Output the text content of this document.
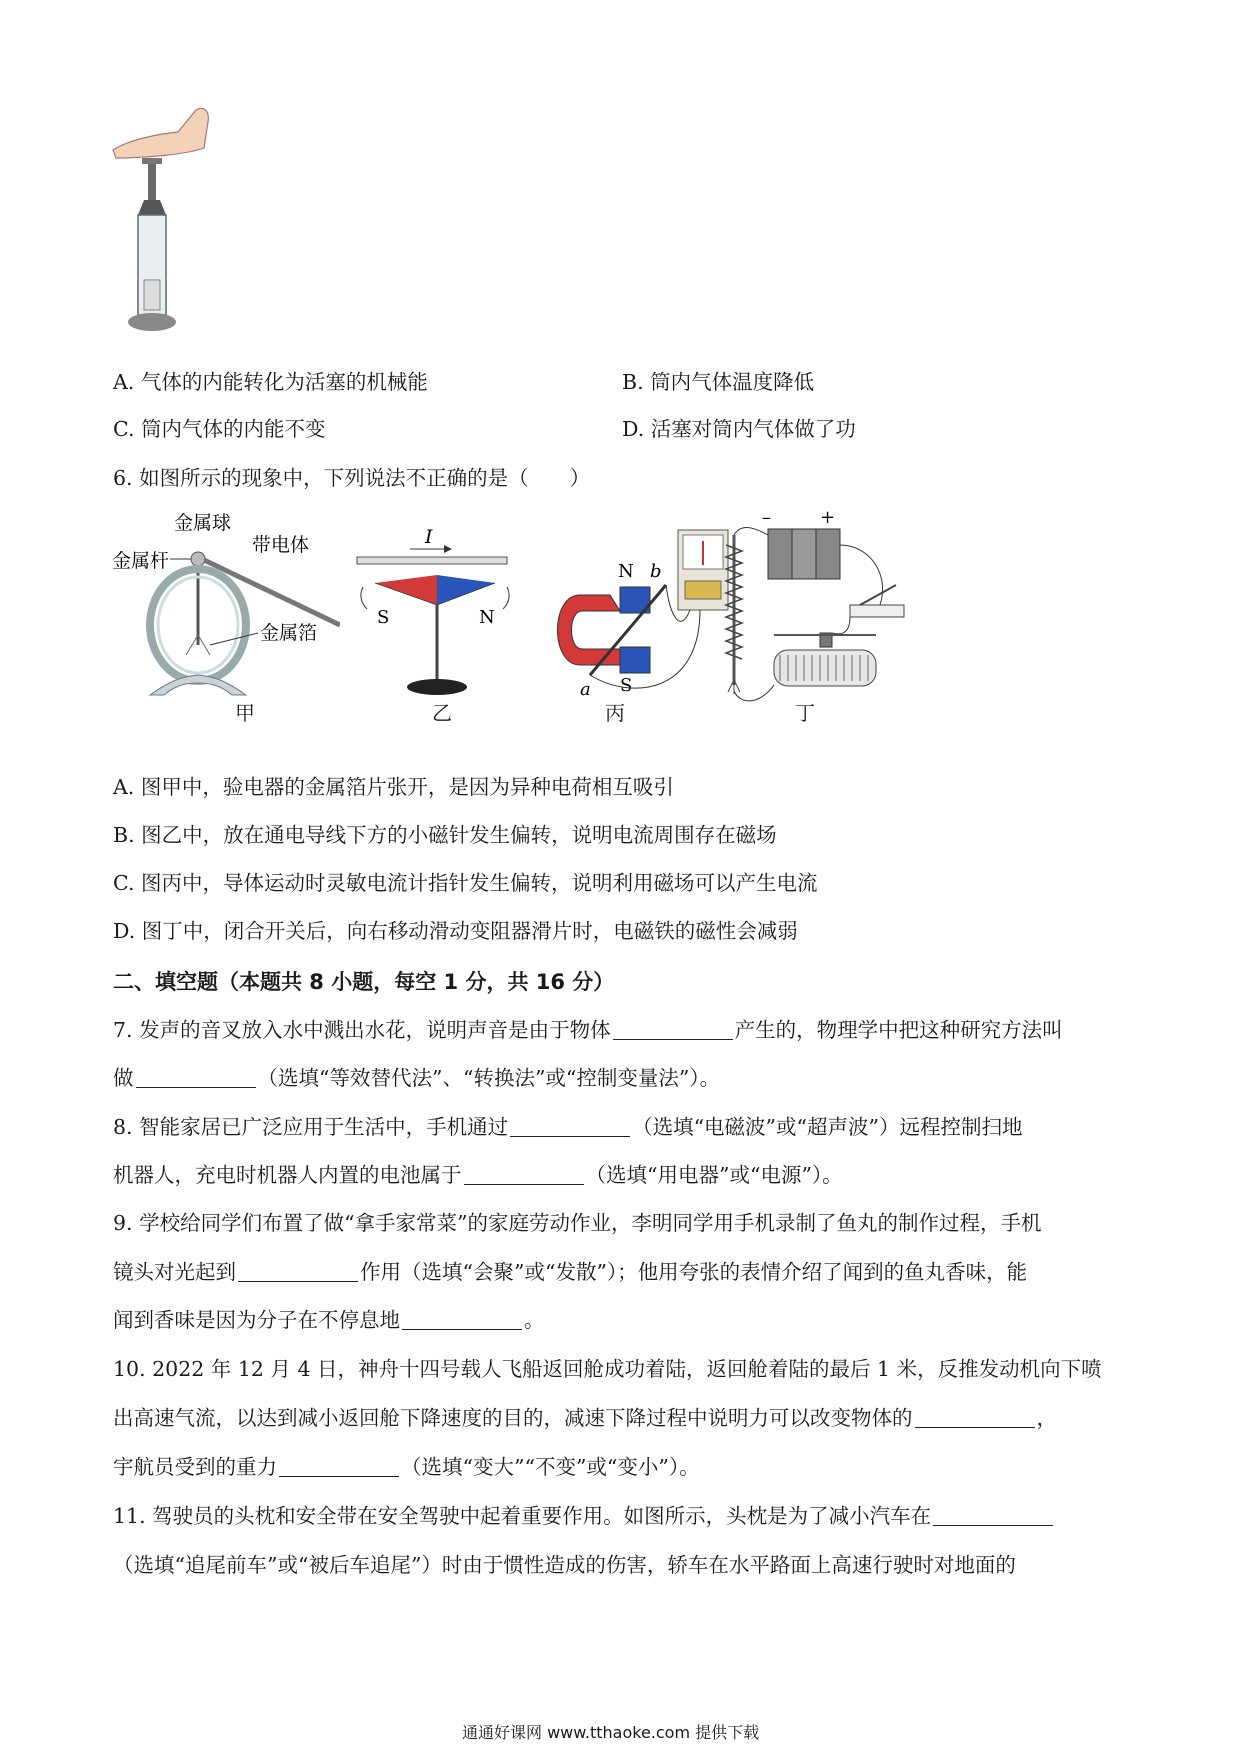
A. 气体的内能转化为活塞的机械能	B. 筒内气体温度降低
C. 筒内气体的内能不变	D. 活塞对筒内气体做了功
6. 如图所示的现象中，下列说法不正确的是（　　）
金属球
带电体
金属杆
金属箔
I
S	N
N b
S
a
–	+
甲	乙	丙	丁
A. 图甲中，验电器的金属箔片张开，是因为异种电荷相互吸引
B. 图乙中，放在通电导线下方的小磁针发生偏转，说明电流周围存在磁场
C. 图丙中，导体运动时灵敏电流计指针发生偏转，说明利用磁场可以产生电流
D. 图丁中，闭合开关后，向右移动滑动变阻器滑片时，电磁铁的磁性会减弱
二、填空题（本题共 8 小题，每空 1 分，共 16 分）
7. 发声的音叉放入水中溅出水花，说明声音是由于物体	产生的，物理学中把这种研究方法叫
做	（选填“等效替代法”、“转换法”或“控制变量法”）。
8. 智能家居已广泛应用于生活中，手机通过	（选填“电磁波”或“超声波”）远程控制扫地
机器人，充电时机器人内置的电池属于	（选填“用电器”或“电源”）。
9. 学校给同学们布置了做“拿手家常菜”的家庭劳动作业，李明同学用手机录制了鱼丸的制作过程，手机
镜头对光起到	作用（选填“会聚”或“发散”）；他用夸张的表情介绍了闻到的鱼丸香味，能
闻到香味是因为分子在不停息地	。
10. 2022 年 12 月 4 日，神舟十四号载人飞船返回舱成功着陆，返回舱着陆的最后 1 米，反推发动机向下喷
出高速气流，以达到减小返回舱下降速度的目的，减速下降过程中说明力可以改变物体的	，
宇航员受到的重力	（选填“变大”“不变”或“变小”）。
11. 驾驶员的头枕和安全带在安全驾驶中起着重要作用。如图所示，头枕是为了减小汽车在
（选填“追尾前车”或“被后车追尾”）时由于惯性造成的伤害，轿车在水平路面上高速行驶时对地面的
通通好课网 www.tthaoke.com 提供下载
